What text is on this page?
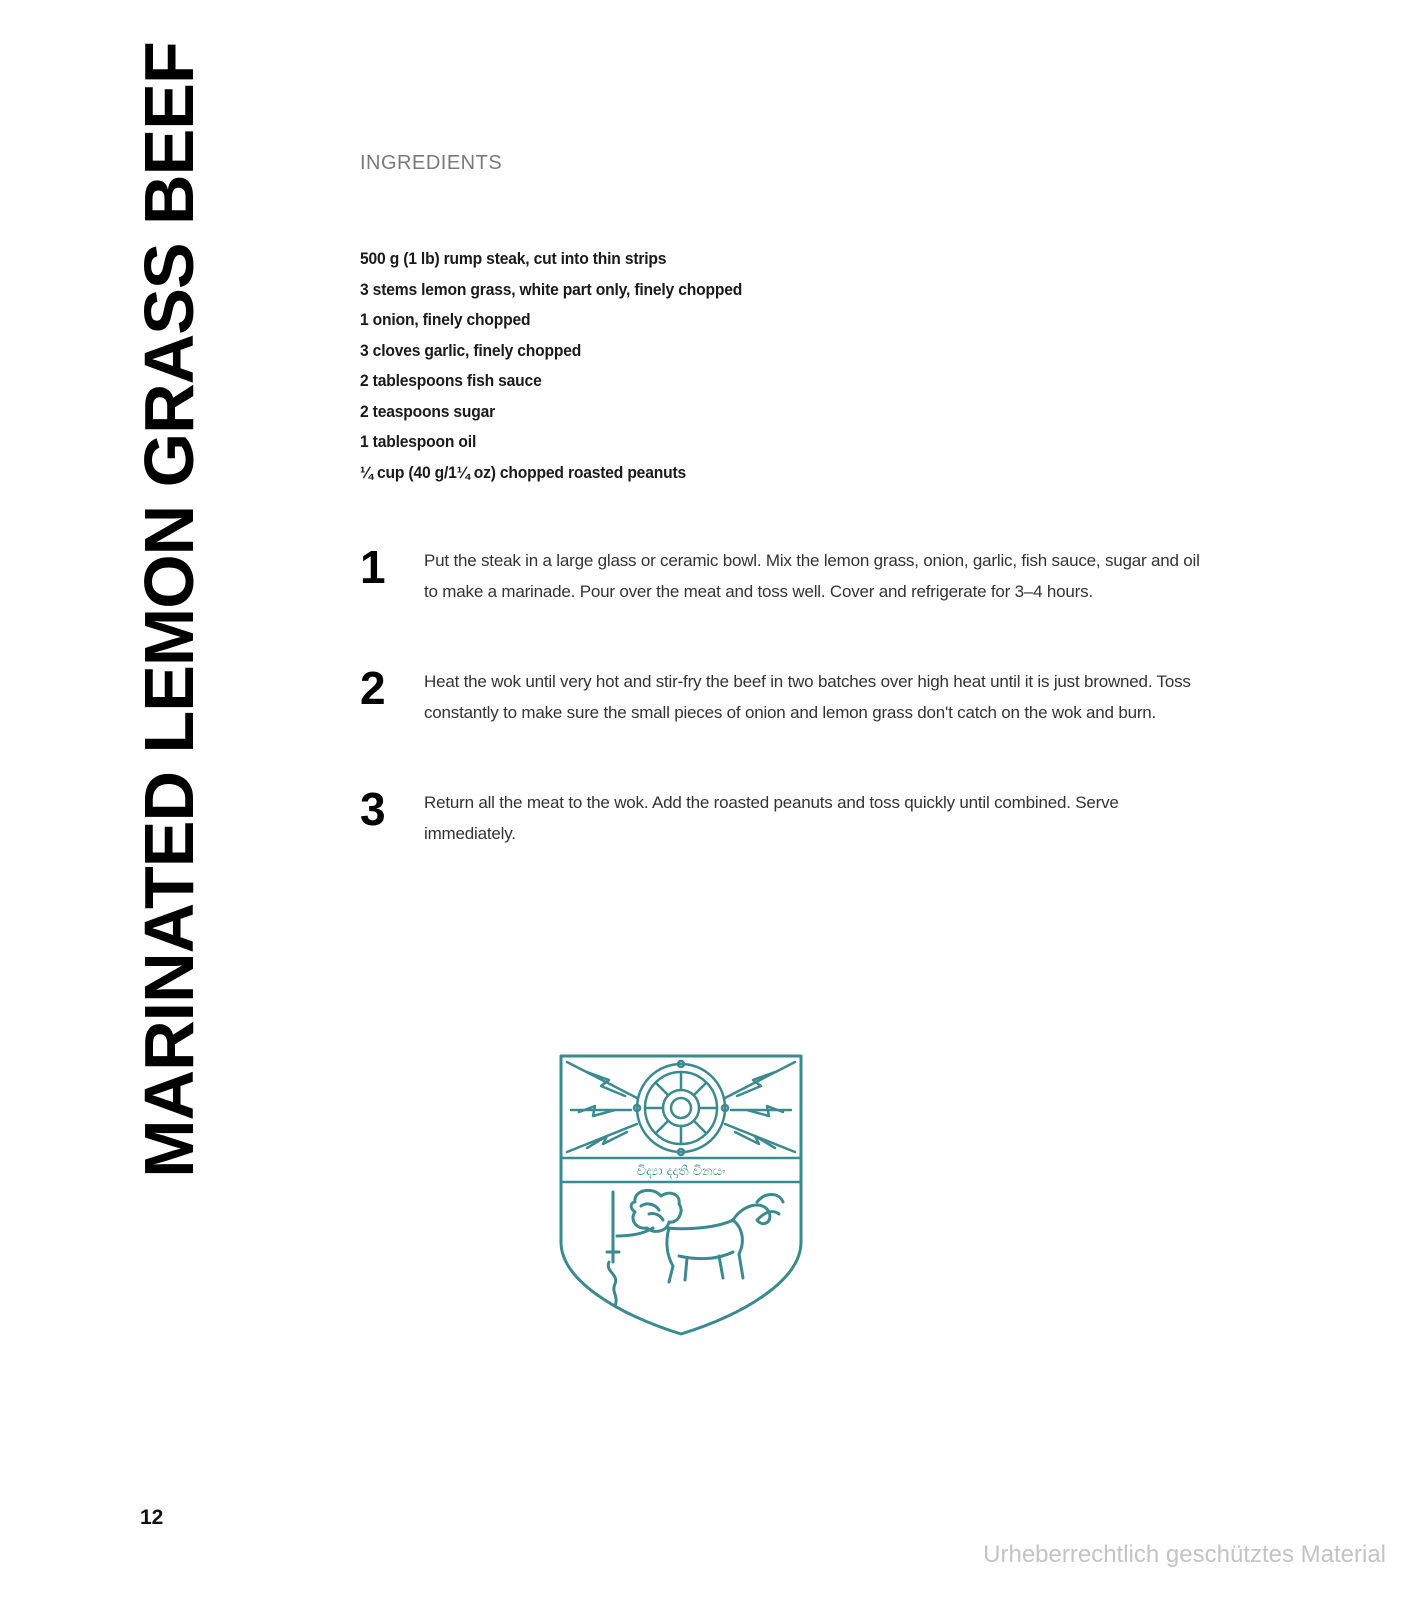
MARINATED LEMON GRASS BEEF	INGREDIENTS
500 g (1 lb) rump steak, cut into thin strips
3 stems lemon grass, white part only, finely chopped
1 onion, finely chopped
3 cloves garlic, finely chopped
2 tablespoons fish sauce
2 teaspoons sugar
1 tablespoon oil
¼ cup (40 g/1¼ oz) chopped roasted peanuts
1 Put the steak in a large glass or ceramic bowl. Mix the lemon grass, onion, garlic, fish sauce, sugar and oil to make a marinade. Pour over the meat and toss well. Cover and refrigerate for 3–4 hours.
2 Heat the wok until very hot and stir-fry the beef in two batches over high heat until it is just browned. Toss constantly to make sure the small pieces of onion and lemon grass don't catch on the wok and burn.
3 Return all the meat to the wok. Add the roasted peanuts and toss quickly until combined. Serve immediately.
විද්‍යා දදාති විනයං
12
Urheberrechtlich geschütztes Material
